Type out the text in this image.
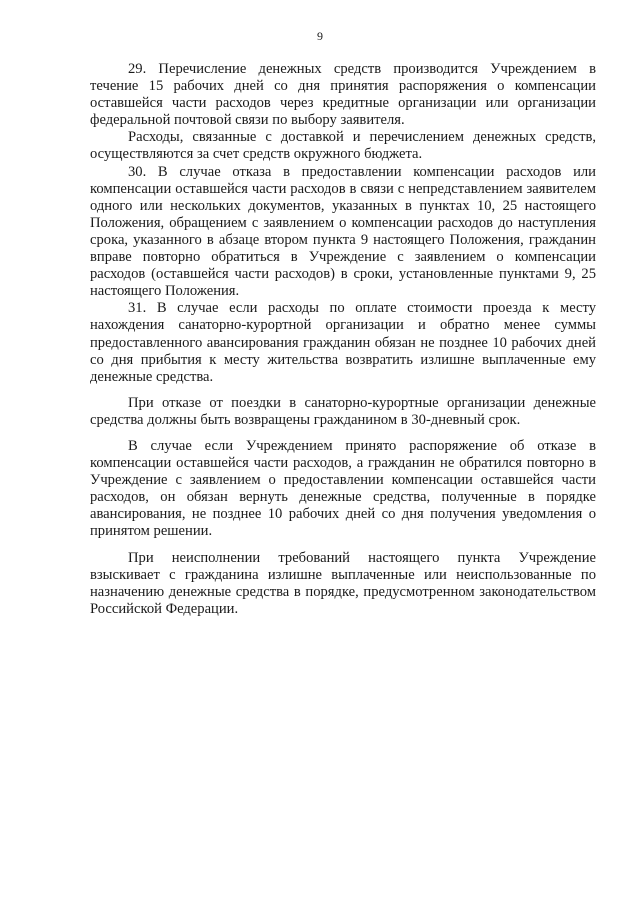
9

29. Перечисление денежных средств производится Учреждением в течение 15 рабочих дней со дня принятия распоряжения о компенсации оставшейся части расходов через кредитные организации или организации федеральной почтовой связи по выбору заявителя.

Расходы, связанные с доставкой и перечислением денежных средств, осуществляются за счет средств окружного бюджета.

30. В случае отказа в предоставлении компенсации расходов или компенсации оставшейся части расходов в связи с непредставлением заявителем одного или нескольких документов, указанных в пунктах 10, 25 настоящего Положения, обращением с заявлением о компенсации расходов до наступления срока, указанного в абзаце втором пункта 9 настоящего Положения, гражданин вправе повторно обратиться в Учреждение с заявлением о компенсации расходов (оставшейся части расходов) в сроки, установленные пунктами 9, 25 настоящего Положения.

31. В случае если расходы по оплате стоимости проезда к месту нахождения санаторно-курортной организации и обратно менее суммы предоставленного авансирования гражданин обязан не позднее 10 рабочих дней со дня прибытия к месту жительства возвратить излишне выплаченные ему денежные средства.

При отказе от поездки в санаторно-курортные организации денежные средства должны быть возвращены гражданином в 30-дневный срок.

В случае если Учреждением принято распоряжение об отказе в компенсации оставшейся части расходов, а гражданин не обратился повторно в Учреждение с заявлением о предоставлении компенсации оставшейся части расходов, он обязан вернуть денежные средства, полученные в порядке авансирования, не позднее 10 рабочих дней со дня получения уведомления о принятом решении.

При неисполнении требований настоящего пункта Учреждение взыскивает с гражданина излишне выплаченные или неиспользованные по назначению денежные средства в порядке, предусмотренном законодательством Российской Федерации.
